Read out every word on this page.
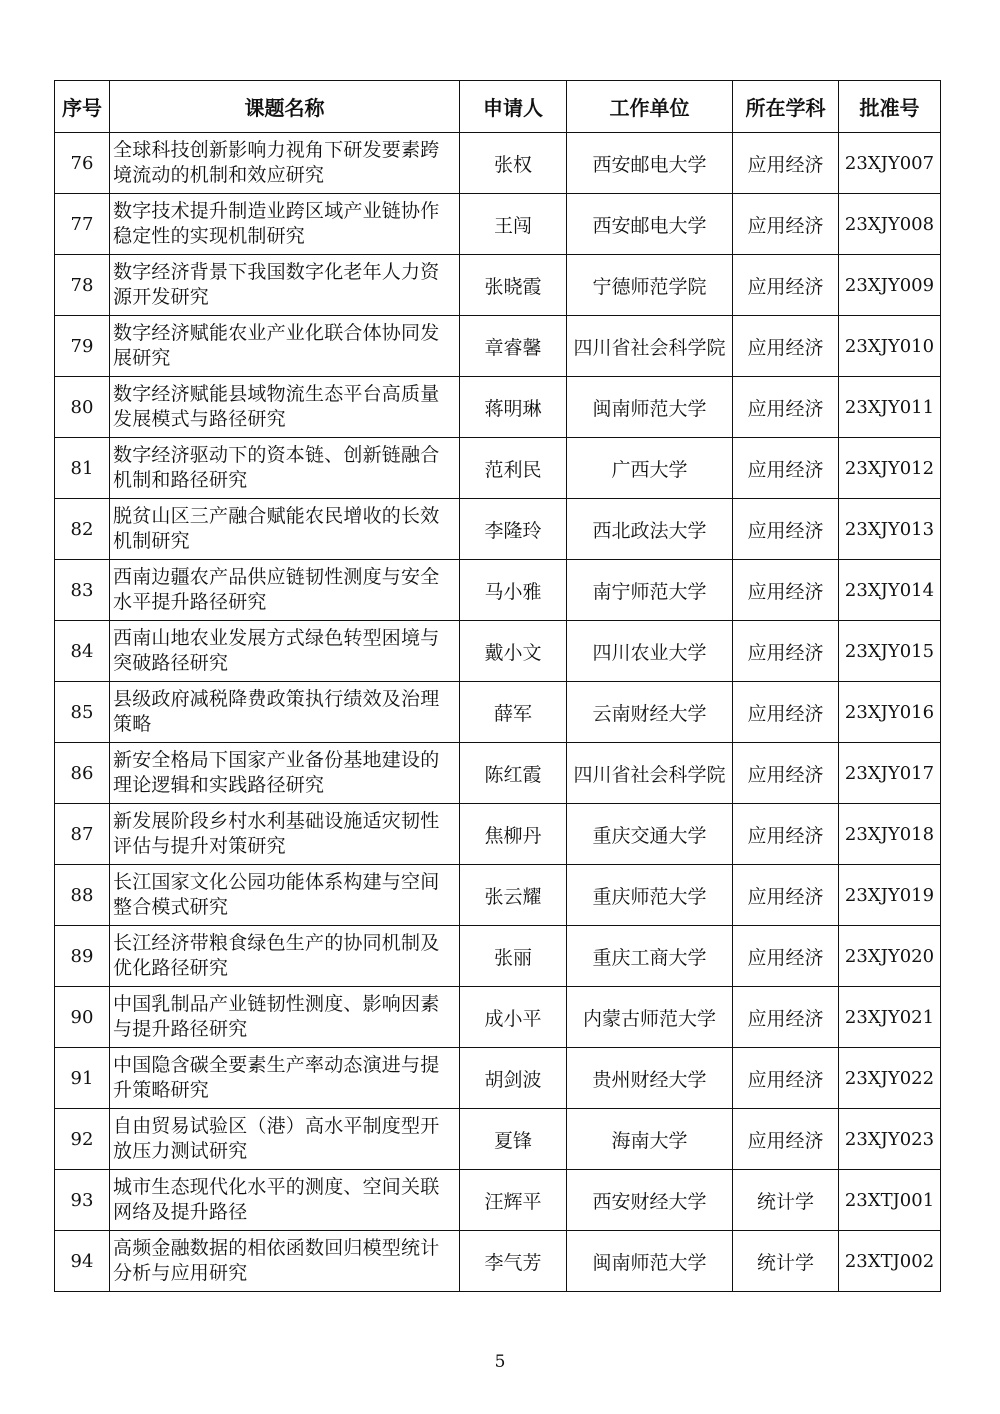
序号	课题名称	申请人	工作单位	所在学科	批准号
76	全球科技创新影响力视角下研发要素跨境流动的机制和效应研究	张权	西安邮电大学	应用经济	23XJY007
77	数字技术提升制造业跨区域产业链协作稳定性的实现机制研究	王闯	西安邮电大学	应用经济	23XJY008
78	数字经济背景下我国数字化老年人力资源开发研究	张晓霞	宁德师范学院	应用经济	23XJY009
79	数字经济赋能农业产业化联合体协同发展研究	章睿馨	四川省社会科学院	应用经济	23XJY010
80	数字经济赋能县域物流生态平台高质量发展模式与路径研究	蒋明琳	闽南师范大学	应用经济	23XJY011
81	数字经济驱动下的资本链、创新链融合机制和路径研究	范利民	广西大学	应用经济	23XJY012
82	脱贫山区三产融合赋能农民增收的长效机制研究	李隆玲	西北政法大学	应用经济	23XJY013
83	西南边疆农产品供应链韧性测度与安全水平提升路径研究	马小雅	南宁师范大学	应用经济	23XJY014
84	西南山地农业发展方式绿色转型困境与突破路径研究	戴小文	四川农业大学	应用经济	23XJY015
85	县级政府减税降费政策执行绩效及治理策略	薛军	云南财经大学	应用经济	23XJY016
86	新安全格局下国家产业备份基地建设的理论逻辑和实践路径研究	陈红霞	四川省社会科学院	应用经济	23XJY017
87	新发展阶段乡村水利基础设施适灾韧性评估与提升对策研究	焦柳丹	重庆交通大学	应用经济	23XJY018
88	长江国家文化公园功能体系构建与空间整合模式研究	张云耀	重庆师范大学	应用经济	23XJY019
89	长江经济带粮食绿色生产的协同机制及优化路径研究	张丽	重庆工商大学	应用经济	23XJY020
90	中国乳制品产业链韧性测度、影响因素与提升路径研究	成小平	内蒙古师范大学	应用经济	23XJY021
91	中国隐含碳全要素生产率动态演进与提升策略研究	胡剑波	贵州财经大学	应用经济	23XJY022
92	自由贸易试验区（港）高水平制度型开放压力测试研究	夏锋	海南大学	应用经济	23XJY023
93	城市生态现代化水平的测度、空间关联网络及提升路径	汪辉平	西安财经大学	统计学	23XTJ001
94	高频金融数据的相依函数回归模型统计分析与应用研究	李气芳	闽南师范大学	统计学	23XTJ002
5
